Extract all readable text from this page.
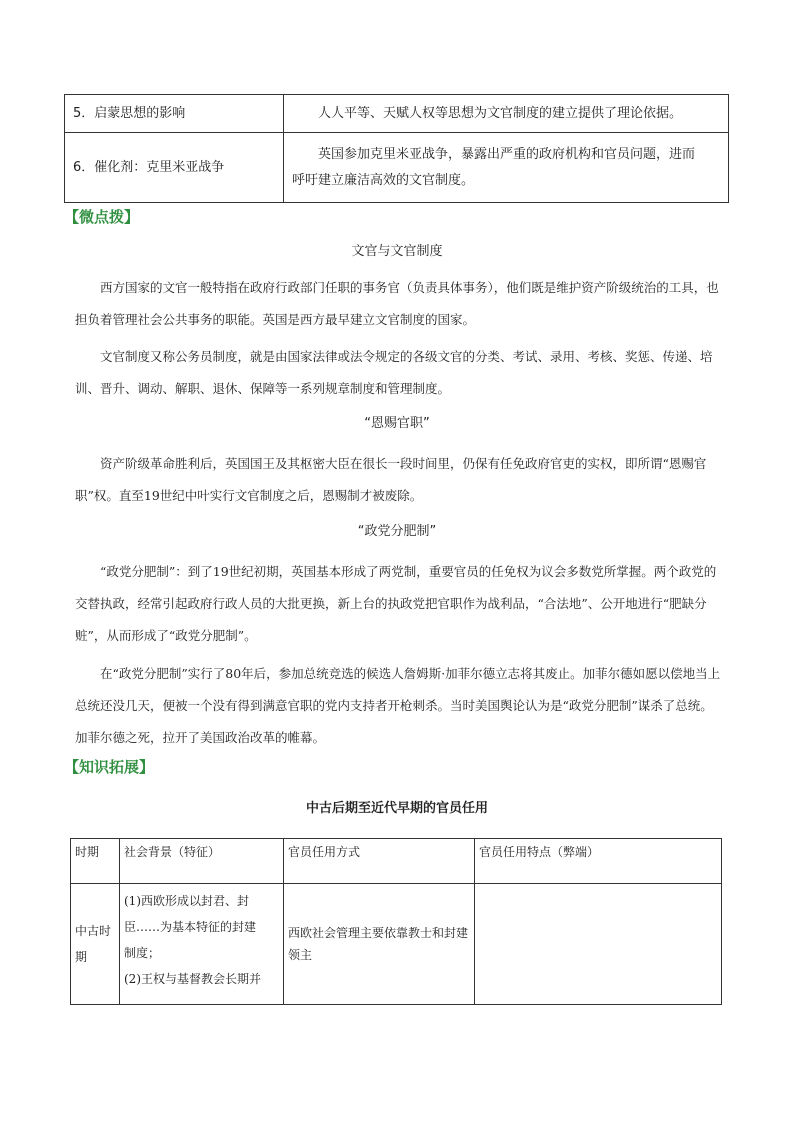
5．启蒙思想的影响	人人平等、天赋人权等思想为文官制度的建立提供了理论依据。
6．催化剂：克里米亚战争	英国参加克里米亚战争，暴露出严重的政府机构和官员问题，进而
呼吁建立廉洁高效的文官制度。
【微点拨】
文官与文官制度
西方国家的文官一般特指在政府行政部门任职的事务官（负责具体事务），他们既是维护资产阶级统治的工具，也担负着管理社会公共事务的职能。英国是西方最早建立文官制度的国家。
文官制度又称公务员制度，就是由国家法律或法令规定的各级文官的分类、考试、录用、考核、奖惩、传递、培训、晋升、调动、解职、退休、保障等一系列规章制度和管理制度。
“恩赐官职”
资产阶级革命胜利后，英国国王及其枢密大臣在很长一段时间里，仍保有任免政府官吏的实权，即所谓“恩赐官职”权。直至19世纪中叶实行文官制度之后，恩赐制才被废除。
“政党分肥制”
“政党分肥制”：到了19世纪初期，英国基本形成了两党制，重要官员的任免权为议会多数党所掌握。两个政党的交替执政，经常引起政府行政人员的大批更换，新上台的执政党把官职作为战利品，“合法地”、公开地进行“肥缺分赃”，从而形成了“政党分肥制”。
在“政党分肥制”实行了80年后，参加总统竞选的候选人詹姆斯·加菲尔德立志将其废止。加菲尔德如愿以偿地当上总统还没几天，便被一个没有得到满意官职的党内支持者开枪刺杀。当时美国舆论认为是“政党分肥制”谋杀了总统。加菲尔德之死，拉开了美国政治改革的帷幕。
【知识拓展】
中古后期至近代早期的官员任用
时期	社会背景（特征）	官员任用方式	官员任用特点（弊端）
中古时期	(1)西欧形成以封君、封
臣……为基本特征的封建
制度；
(2)王权与基督教会长期并	西欧社会管理主要依靠教士和封建领主	
